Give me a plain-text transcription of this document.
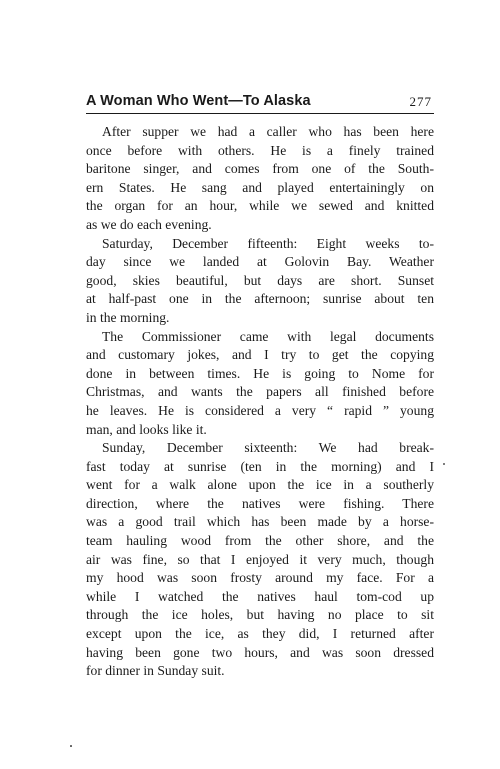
A Woman Who Went—To Alaska	277
After supper we had a caller who has been here
once before with others. He is a finely trained
baritone singer, and comes from one of the South-
ern States. He sang and played entertainingly on
the organ for an hour, while we sewed and knitted
as we do each evening.
Saturday, December fifteenth: Eight weeks to-
day since we landed at Golovin Bay. Weather
good, skies beautiful, but days are short. Sunset
at half-past one in the afternoon; sunrise about ten
in the morning.
The Commissioner came with legal documents
and customary jokes, and I try to get the copying
done in between times. He is going to Nome for
Christmas, and wants the papers all finished before
he leaves. He is considered a very “ rapid ” young
man, and looks like it.
Sunday, December sixteenth: We had break-
fast today at sunrise (ten in the morning) and I
went for a walk alone upon the ice in a southerly
direction, where the natives were fishing. There
was a good trail which has been made by a horse-
team hauling wood from the other shore, and the
air was fine, so that I enjoyed it very much, though
my hood was soon frosty around my face. For a
while I watched the natives haul tom-cod up
through the ice holes, but having no place to sit
except upon the ice, as they did, I returned after
having been gone two hours, and was soon dressed
for dinner in Sunday suit.
